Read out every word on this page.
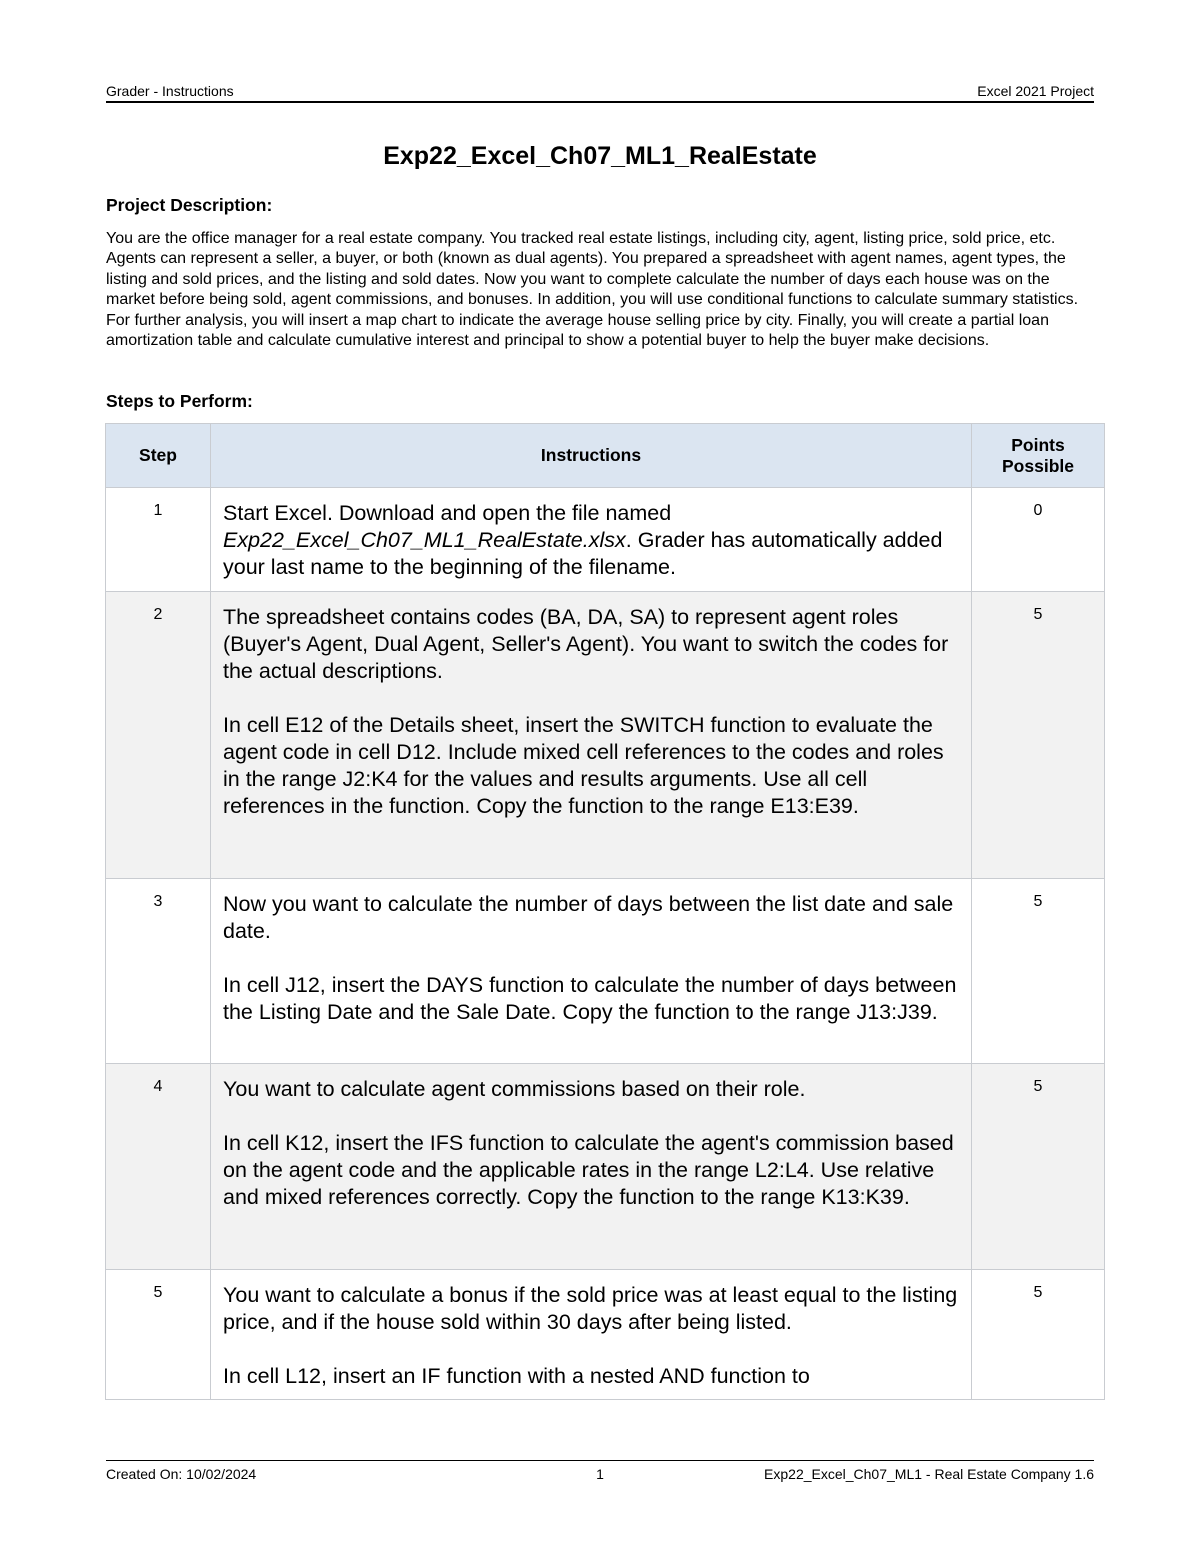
Grader - Instructions	Excel 2021 Project
Exp22_Excel_Ch07_ML1_RealEstate
Project Description:
You are the office manager for a real estate company. You tracked real estate listings, including city, agent, listing price, sold price, etc. Agents can represent a seller, a buyer, or both (known as dual agents). You prepared a spreadsheet with agent names, agent types, the listing and sold prices, and the listing and sold dates. Now you want to complete calculate the number of days each house was on the market before being sold, agent commissions, and bonuses. In addition, you will use conditional functions to calculate summary statistics. For further analysis, you will insert a map chart to indicate the average house selling price by city. Finally, you will create a partial loan amortization table and calculate cumulative interest and principal to show a potential buyer to help the buyer make decisions.
Steps to Perform:
Step	Instructions	Points
Possible
1	Start Excel. Download and open the file named Exp22_Excel_Ch07_ML1_RealEstate.xlsx. Grader has automatically added your last name to the beginning of the filename.	0
2	The spreadsheet contains codes (BA, DA, SA) to represent agent roles (Buyer's Agent, Dual Agent, Seller's Agent). You want to switch the codes for the actual descriptions.

In cell E12 of the Details sheet, insert the SWITCH function to evaluate the agent code in cell D12. Include mixed cell references to the codes and roles in the range J2:K4 for the values and results arguments. Use all cell references in the function. Copy the function to the range E13:E39.	5
3	Now you want to calculate the number of days between the list date and sale date.

In cell J12, insert the DAYS function to calculate the number of days between the Listing Date and the Sale Date. Copy the function to the range J13:J39.	5
4	You want to calculate agent commissions based on their role.

In cell K12, insert the IFS function to calculate the agent's commission based on the agent code and the applicable rates in the range L2:L4. Use relative and mixed references correctly. Copy the function to the range K13:K39.	5
5	You want to calculate a bonus if the sold price was at least equal to the listing price, and if the house sold within 30 days after being listed.

In cell L12, insert an IF function with a nested AND function to	5
Created On: 10/02/2024	1	Exp22_Excel_Ch07_ML1 - Real Estate Company 1.6
